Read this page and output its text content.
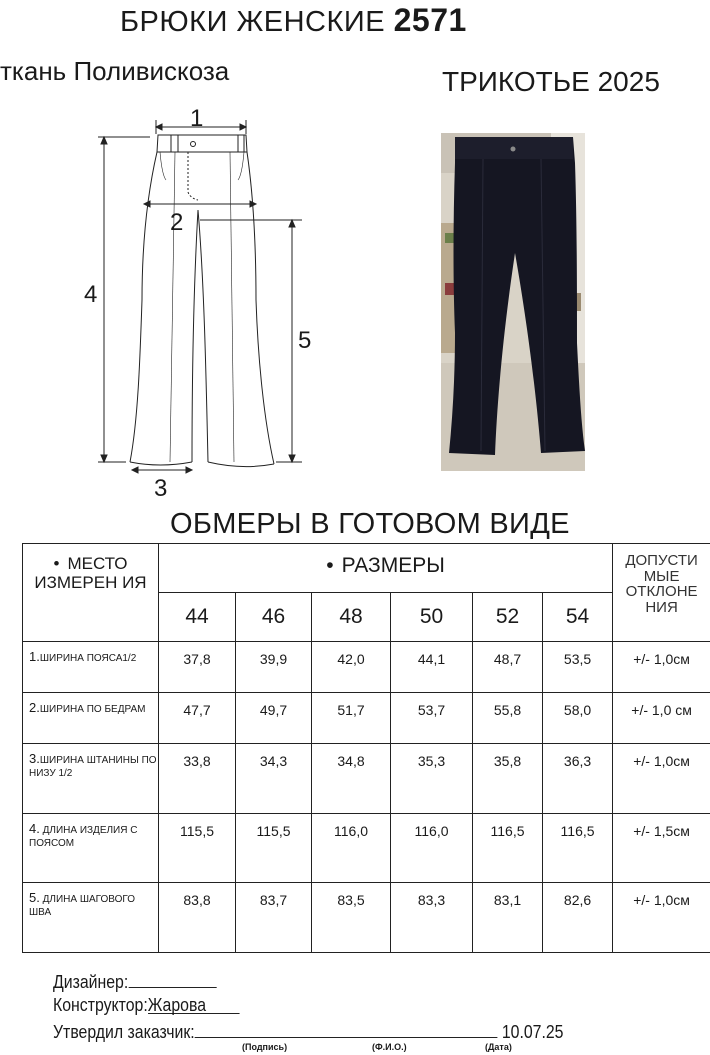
БРЮКИ ЖЕНСКИЕ 2571
ткань Поливискоза	ТРИКОТЬЕ 2025
1
2
3
4
5
ОБМЕРЫ В ГОТОВОМ ВИДЕ
• МЕСТО ИЗМЕРЕН ИЯ	• РАЗМЕРЫ						ДОПУСТИ МЫЕ ОТКЛОНЕ НИЯ
	44	46	48	50	52	54	
1.ШИРИНА ПОЯСА1/2	37,8	39,9	42,0	44,1	48,7	53,5	+/- 1,0см
2.ШИРИНА ПО БЕДРАМ	47,7	49,7	51,7	53,7	55,8	58,0	+/- 1,0 см
3.ШИРИНА ШТАНИНЫ ПО НИЗУ 1/2	33,8	34,3	34,8	35,3	35,8	36,3	+/- 1,0см
4. ДЛИНА ИЗДЕЛИЯ С ПОЯСОМ	115,5	115,5	116,0	116,0	116,5	116,5	+/- 1,5см
5. ДЛИНА ШАГОВОГО ШВА	83,8	83,7	83,5	83,3	83,1	82,6	+/- 1,0см
Дизайнер:
Конструктор:Жарова
Утвердил заказчик:	10.07.25
(Подпись)	(Ф.И.О.)	(Дата)
